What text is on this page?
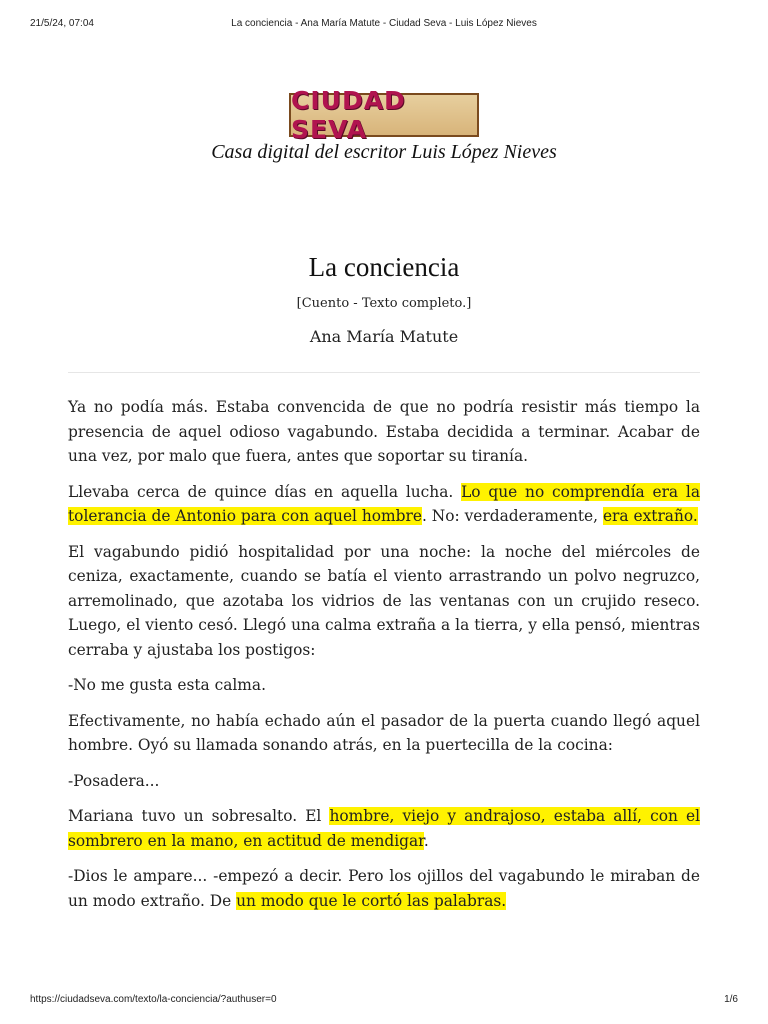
21/5/24, 07:04	La conciencia - Ana María Matute - Ciudad Seva - Luis López Nieves
CIUDAD SEVA
Casa digital del escritor Luis López Nieves
La conciencia
[Cuento - Texto completo.]
Ana María Matute

Ya no podía más. Estaba convencida de que no podría resistir más tiempo la presencia de aquel odioso vagabundo. Estaba decidida a terminar. Acabar de una vez, por malo que fuera, antes que soportar su tiranía.

Llevaba cerca de quince días en aquella lucha. Lo que no comprendía era la tolerancia de Antonio para con aquel hombre. No: verdaderamente, era extraño.

El vagabundo pidió hospitalidad por una noche: la noche del miércoles de ceniza, exactamente, cuando se batía el viento arrastrando un polvo negruzco, arremolinado, que azotaba los vidrios de las ventanas con un crujido reseco. Luego, el viento cesó. Llegó una calma extraña a la tierra, y ella pensó, mientras cerraba y ajustaba los postigos:

-No me gusta esta calma.

Efectivamente, no había echado aún el pasador de la puerta cuando llegó aquel hombre. Oyó su llamada sonando atrás, en la puertecilla de la cocina:

-Posadera...

Mariana tuvo un sobresalto. El hombre, viejo y andrajoso, estaba allí, con el sombrero en la mano, en actitud de mendigar.

-Dios le ampare... -empezó a decir. Pero los ojillos del vagabundo le miraban de un modo extraño. De un modo que le cortó las palabras.

https://ciudadseva.com/texto/la-conciencia/?authuser=0	1/6
